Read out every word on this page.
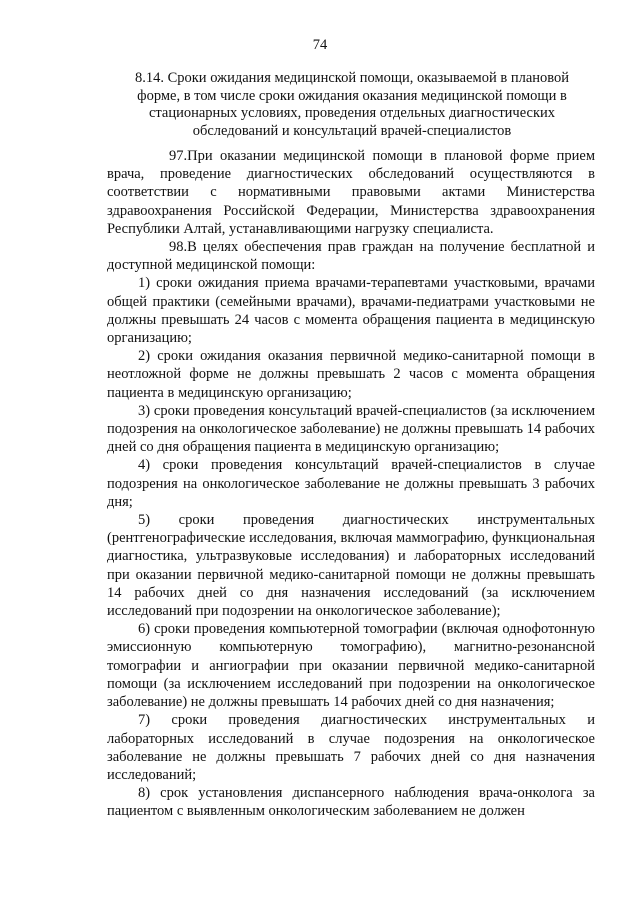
74
8.14. Сроки ожидания медицинской помощи, оказываемой в плановой
форме, в том числе сроки ожидания оказания медицинской помощи в
стационарных условиях, проведения отдельных диагностических
обследований и консультаций врачей-специалистов

97.При оказании медицинской помощи в плановой форме прием врача, проведение диагностических обследований осуществляются в соответствии с нормативными правовыми актами Министерства здравоохранения Российской Федерации, Министерства здравоохранения Республики Алтай, устанавливающими нагрузку специалиста.

98.В целях обеспечения прав граждан на получение бесплатной и доступной медицинской помощи:

1) сроки ожидания приема врачами-терапевтами участковыми, врачами общей практики (семейными врачами), врачами-педиатрами участковыми не должны превышать 24 часов с момента обращения пациента в медицинскую организацию;

2) сроки ожидания оказания первичной медико-санитарной помощи в неотложной форме не должны превышать 2 часов с момента обращения пациента в медицинскую организацию;

3) сроки проведения консультаций врачей-специалистов (за исключением подозрения на онкологическое заболевание) не должны превышать 14 рабочих дней со дня обращения пациента в медицинскую организацию;

4) сроки проведения консультаций врачей-специалистов в случае подозрения на онкологическое заболевание не должны превышать 3 рабочих дня;

5) сроки проведения диагностических инструментальных (рентгенографические исследования, включая маммографию, функциональная диагностика, ультразвуковые исследования) и лабораторных исследований при оказании первичной медико-санитарной помощи не должны превышать 14 рабочих дней со дня назначения исследований (за исключением исследований при подозрении на онкологическое заболевание);

6) сроки проведения компьютерной томографии (включая однофотонную эмиссионную компьютерную томографию), магнитно-резонансной томографии и ангиографии при оказании первичной медико-санитарной помощи (за исключением исследований при подозрении на онкологическое заболевание) не должны превышать 14 рабочих дней со дня назначения;

7) сроки проведения диагностических инструментальных и лабораторных исследований в случае подозрения на онкологическое заболевание не должны превышать 7 рабочих дней со дня назначения исследований;

8) срок установления диспансерного наблюдения врача-онколога за пациентом с выявленным онкологическим заболеванием не должен
